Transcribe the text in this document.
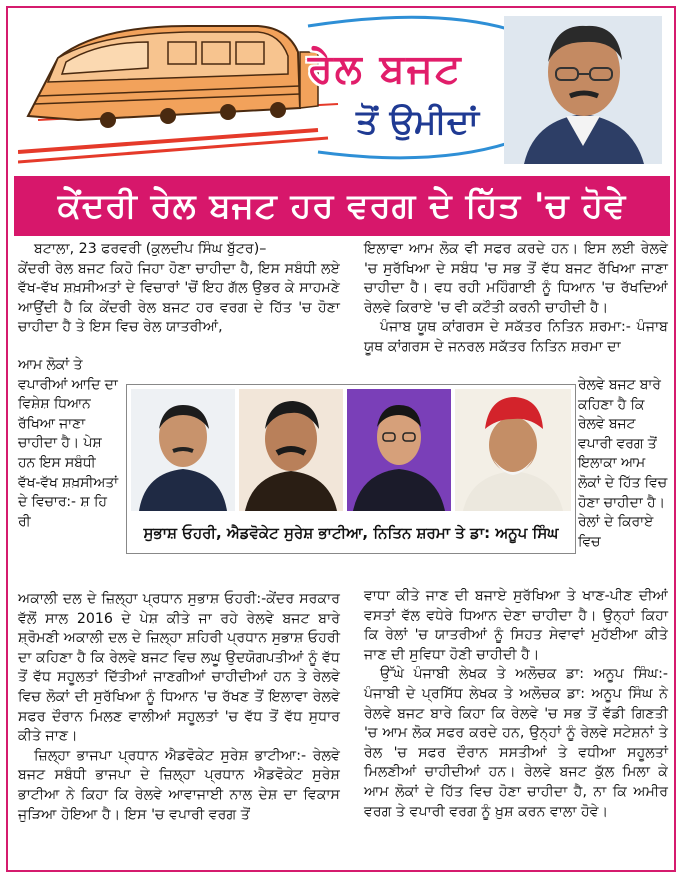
ਰੇਲ ਬਜਟ
ਤੋਂ ਉਮੀਦਾਂ
ਕੇਂਦਰੀ ਰੇਲ ਬਜਟ ਹਰ ਵਰਗ ਦੇ ਹਿੱਤ 'ਚ ਹੋਵੇ

ਬਟਾਲਾ, 23 ਫਰਵਰੀ (ਕੁਲਦੀਪ ਸਿੰਘ ਬੁੱਟਰ)–

ਕੇਂਦਰੀ ਰੇਲ ਬਜਟ ਕਿਹੋ ਜਿਹਾ ਹੋਣਾ ਚਾਹੀਦਾ ਹੈ, ਇਸ ਸਬੰਧੀ ਲਏ ਵੱਖ-ਵੱਖ ਸ਼ਖ਼ਸੀਅਤਾਂ ਦੇ ਵਿਚਾਰਾਂ 'ਚੋਂ ਇਹ ਗੱਲ ਉਭਰ ਕੇ ਸਾਹਮਣੇ ਆਉਂਦੀ ਹੈ ਕਿ ਕੇਂਦਰੀ ਰੇਲ ਬਜਟ ਹਰ ਵਰਗ ਦੇ ਹਿੱਤ 'ਚ ਹੋਣਾ ਚਾਹੀਦਾ ਹੈ ਤੇ ਇਸ ਵਿਚ ਰੇਲ ਯਾਤਰੀਆਂ,

ਆਮ ਲੋਕਾਂ ਤੇ ਵਪਾਰੀਆਂ ਆਦਿ ਦਾ ਵਿਸ਼ੇਸ਼ ਧਿਆਨ ਰੱਖਿਆ ਜਾਣਾ ਚਾਹੀਦਾ ਹੈ। ਪੇਸ਼ ਹਨ ਇਸ ਸਬੰਧੀ ਵੱਖ-ਵੱਖ ਸ਼ਖ਼ਸੀਅਤਾਂ ਦੇ ਵਿਚਾਰ:- ਸ਼ ਹਿ ਰੀ

ਇਲਾਵਾ ਆਮ ਲੋਕ ਵੀ ਸਫਰ ਕਰਦੇ ਹਨ। ਇਸ ਲਈ ਰੇਲਵੇ 'ਚ ਸੁਰੱਖਿਆ ਦੇ ਸਬੰਧ 'ਚ ਸਭ ਤੋਂ ਵੱਧ ਬਜਟ ਰੱਖਿਆ ਜਾਣਾ ਚਾਹੀਦਾ ਹੈ। ਵਧ ਰਹੀ ਮਹਿੰਗਾਈ ਨੂੰ ਧਿਆਨ 'ਚ ਰੱਖਦਿਆਂ ਰੇਲਵੇ ਕਿਰਾਏ 'ਚ ਵੀ ਕਟੌਤੀ ਕਰਨੀ ਚਾਹੀਦੀ ਹੈ।

ਪੰਜਾਬ ਯੂਥ ਕਾਂਗਰਸ ਦੇ ਸਕੱਤਰ ਨਿਤਿਨ ਸ਼ਰਮਾ:- ਪੰਜਾਬ ਯੂਥ ਕਾਂਗਰਸ ਦੇ ਜਨਰਲ ਸਕੱਤਰ ਨਿਤਿਨ ਸ਼ਰਮਾ ਦਾ

ਰੇਲਵੇ ਬਜਟ ਬਾਰੇ ਕਹਿਣਾ ਹੈ ਕਿ ਰੇਲਵੇ ਬਜਟ ਵਪਾਰੀ ਵਰਗ ਤੋਂ ਇਲਾਕਾ ਆਮ ਲੋਕਾਂ ਦੇ ਹਿੱਤ ਵਿਚ ਹੋਣਾ ਚਾਹੀਦਾ ਹੈ। ਰੇਲਾਂ ਦੇ ਕਿਰਾਏ ਵਿਚ
ਸੁਭਾਸ਼ ਓਹਰੀ, ਐਡਵੋਕੇਟ ਸੁਰੇਸ਼ ਭਾਟੀਆ, ਨਿਤਿਨ ਸ਼ਰਮਾ ਤੇ ਡਾ: ਅਨੂਪ ਸਿੰਘ

ਅਕਾਲੀ ਦਲ ਦੇ ਜ਼ਿਲ੍ਹਾ ਪ੍ਰਧਾਨ ਸੁਭਾਸ਼ ਓਹਰੀ:-ਕੇਂਦਰ ਸਰਕਾਰ ਵੱਲੋਂ ਸਾਲ 2016 ਦੇ ਪੇਸ਼ ਕੀਤੇ ਜਾ ਰਹੇ ਰੇਲਵੇ ਬਜਟ ਬਾਰੇ ਸ਼੍ਰੋਮਣੀ ਅਕਾਲੀ ਦਲ ਦੇ ਜ਼ਿਲ੍ਹਾ ਸ਼ਹਿਰੀ ਪ੍ਰਧਾਨ ਸੁਭਾਸ਼ ਓਹਰੀ ਦਾ ਕਹਿਣਾ ਹੈ ਕਿ ਰੇਲਵੇ ਬਜਟ ਵਿਚ ਲਘੂ ਉਦਯੋਗਪਤੀਆਂ ਨੂੰ ਵੱਧ ਤੋਂ ਵੱਧ ਸਹੂਲਤਾਂ ਦਿੱਤੀਆਂ ਜਾਣਗੀਆਂ ਚਾਹੀਦੀਆਂ ਹਨ ਤੇ ਰੇਲਵੇ ਵਿਚ ਲੋਕਾਂ ਦੀ ਸੁਰੱਖਿਆ ਨੂੰ ਧਿਆਨ 'ਚ ਰੱਖਣ ਤੋਂ ਇਲਾਵਾ ਰੇਲਵੇ ਸਫਰ ਦੌਰਾਨ ਮਿਲਣ ਵਾਲੀਆਂ ਸਹੂਲਤਾਂ 'ਚ ਵੱਧ ਤੋਂ ਵੱਧ ਸੁਧਾਰ ਕੀਤੇ ਜਾਣ।

ਜ਼ਿਲ੍ਹਾ ਭਾਜਪਾ ਪ੍ਰਧਾਨ ਐਡਵੋਕੇਟ ਸੁਰੇਸ਼ ਭਾਟੀਆ:- ਰੇਲਵੇ ਬਜਟ ਸਬੰਧੀ ਭਾਜਪਾ ਦੇ ਜ਼ਿਲ੍ਹਾ ਪ੍ਰਧਾਨ ਐਡਵੋਕੇਟ ਸੁਰੇਸ਼ ਭਾਟੀਆ ਨੇ ਕਿਹਾ ਕਿ ਰੇਲਵੇ ਆਵਾਜਾਈ ਨਾਲ ਦੇਸ਼ ਦਾ ਵਿਕਾਸ ਜੁੜਿਆ ਹੋਇਆ ਹੈ। ਇਸ 'ਚ ਵਪਾਰੀ ਵਰਗ ਤੋਂ

ਵਾਧਾ ਕੀਤੇ ਜਾਣ ਦੀ ਬਜਾਏ ਸੁਰੱਖਿਆ ਤੇ ਖਾਣ-ਪੀਣ ਦੀਆਂ ਵਸਤਾਂ ਵੱਲ ਵਧੇਰੇ ਧਿਆਨ ਦੇਣਾ ਚਾਹੀਦਾ ਹੈ। ਉਨ੍ਹਾਂ ਕਿਹਾ ਕਿ ਰੇਲਾਂ 'ਚ ਯਾਤਰੀਆਂ ਨੂੰ ਸਿਹਤ ਸੇਵਾਵਾਂ ਮੁਹੱਈਆ ਕੀਤੇ ਜਾਣ ਦੀ ਸੁਵਿਧਾ ਹੋਣੀ ਚਾਹੀਦੀ ਹੈ।

ਉੱਘੇ ਪੰਜਾਬੀ ਲੇਖਕ ਤੇ ਅਲੋਚਕ ਡਾ: ਅਨੂਪ ਸਿੰਘ:- ਪੰਜਾਬੀ ਦੇ ਪ੍ਰਸਿੱਧ ਲੇਖਕ ਤੇ ਅਲੋਚਕ ਡਾ: ਅਨੂਪ ਸਿੰਘ ਨੇ ਰੇਲਵੇ ਬਜਟ ਬਾਰੇ ਕਿਹਾ ਕਿ ਰੇਲਵੇ 'ਚ ਸਭ ਤੋਂ ਵੱਡੀ ਗਿਣਤੀ 'ਚ ਆਮ ਲੋਕ ਸਫਰ ਕਰਦੇ ਹਨ, ਉਨ੍ਹਾਂ ਨੂੰ ਰੇਲਵੇ ਸਟੇਸ਼ਨਾਂ ਤੇ ਰੇਲ 'ਚ ਸਫਰ ਦੌਰਾਨ ਸਸਤੀਆਂ ਤੇ ਵਧੀਆ ਸਹੂਲਤਾਂ ਮਿਲਣੀਆਂ ਚਾਹੀਦੀਆਂ ਹਨ। ਰੇਲਵੇ ਬਜਟ ਕੁੱਲ ਮਿਲਾ ਕੇ ਆਮ ਲੋਕਾਂ ਦੇ ਹਿੱਤ ਵਿਚ ਹੋਣਾ ਚਾਹੀਦਾ ਹੈ, ਨਾ ਕਿ ਅਮੀਰ ਵਰਗ ਤੇ ਵਪਾਰੀ ਵਰਗ ਨੂੰ ਖ਼ੁਸ਼ ਕਰਨ ਵਾਲਾ ਹੋਵੇ।
